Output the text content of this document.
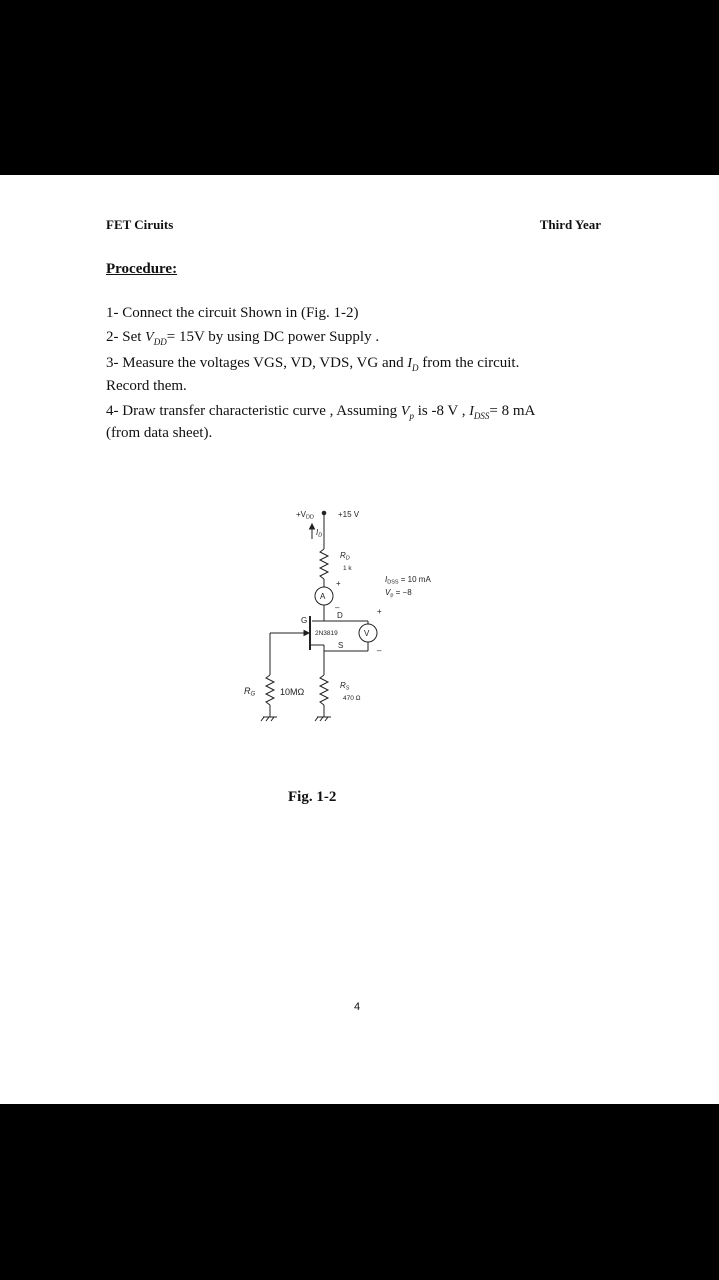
FET Ciruits	Third Year
Procedure:
1- Connect the circuit Shown in (Fig. 1-2)
2- Set $V_{DD}= 15V$ by using DC power Supply .
3- Measure the voltages VGS, VD, VDS, VG and $I_D$ from the circuit.
Record them.
4- Draw transfer characteristic curve , Assuming $V_p$ is -8 V , $I_{DSS}= 8$ mA
(from data sheet).
+VDD	+15 V
ID
RD
1 k
+
A
–
G
D
2N3819
S
V
+
–
RG	10MΩ
RS
470 Ω
IDSS = 10 mA
Vp = −8
Fig. 1-2
4
